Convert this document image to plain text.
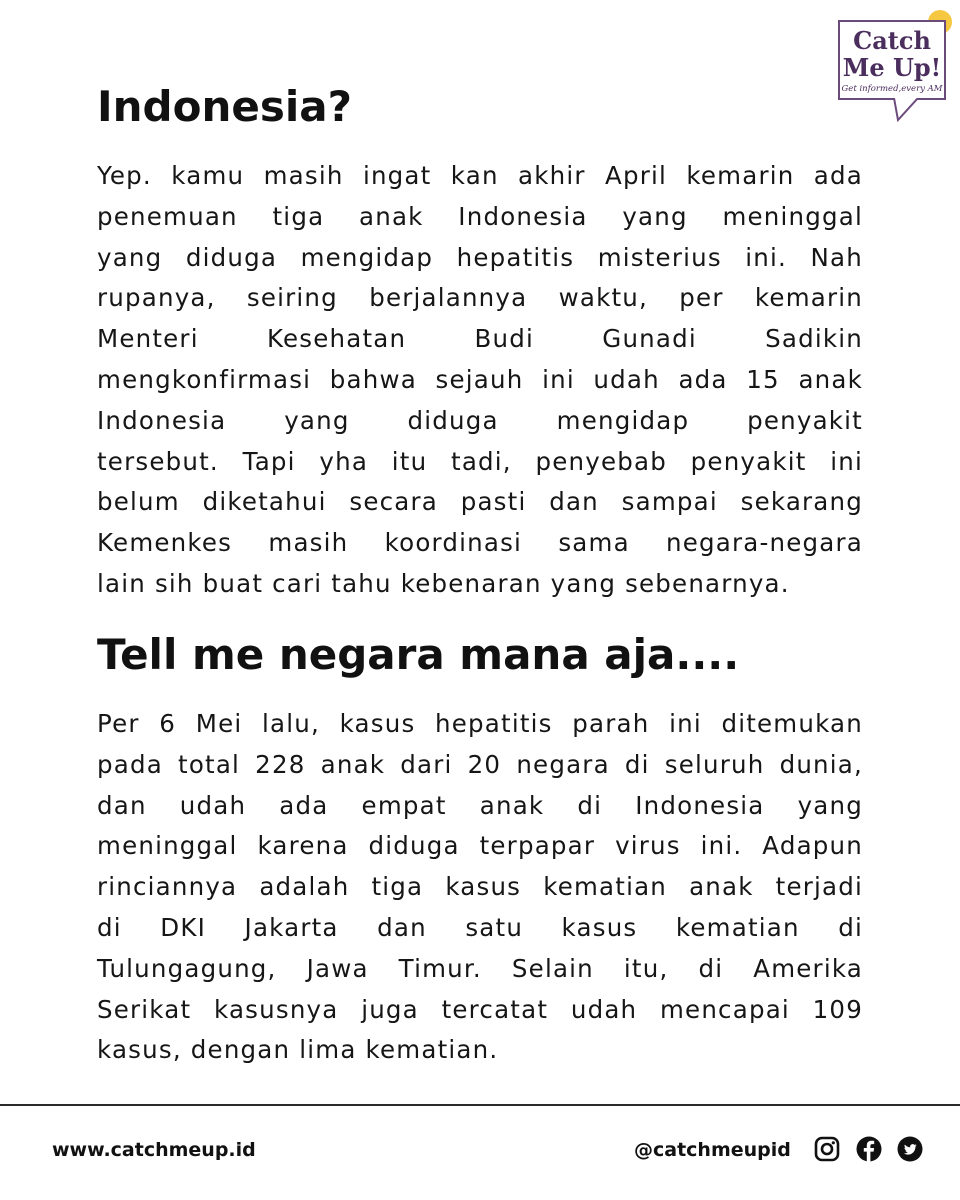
Catch
Me Up!
Get informed,every AM
Indonesia?
Yep. kamu masih ingat kan akhir April kemarin ada
penemuan tiga anak Indonesia yang meninggal
yang diduga mengidap hepatitis misterius ini. Nah
rupanya, seiring berjalannya waktu, per kemarin
Menteri Kesehatan Budi Gunadi Sadikin
mengkonfirmasi bahwa sejauh ini udah ada 15 anak
Indonesia yang diduga mengidap penyakit
tersebut. Tapi yha itu tadi, penyebab penyakit ini
belum diketahui secara pasti dan sampai sekarang
Kemenkes masih koordinasi sama negara-negara
lain sih buat cari tahu kebenaran yang sebenarnya.
Tell me negara mana aja....
Per 6 Mei lalu, kasus hepatitis parah ini ditemukan
pada total 228 anak dari 20 negara di seluruh dunia,
dan udah ada empat anak di Indonesia yang
meninggal karena diduga terpapar virus ini. Adapun
rinciannya adalah tiga kasus kematian anak terjadi
di DKI Jakarta dan satu kasus kematian di
Tulungagung, Jawa Timur. Selain itu, di Amerika
Serikat kasusnya juga tercatat udah mencapai 109
kasus, dengan lima kematian.
www.catchmeup.id	@catchmeupid
